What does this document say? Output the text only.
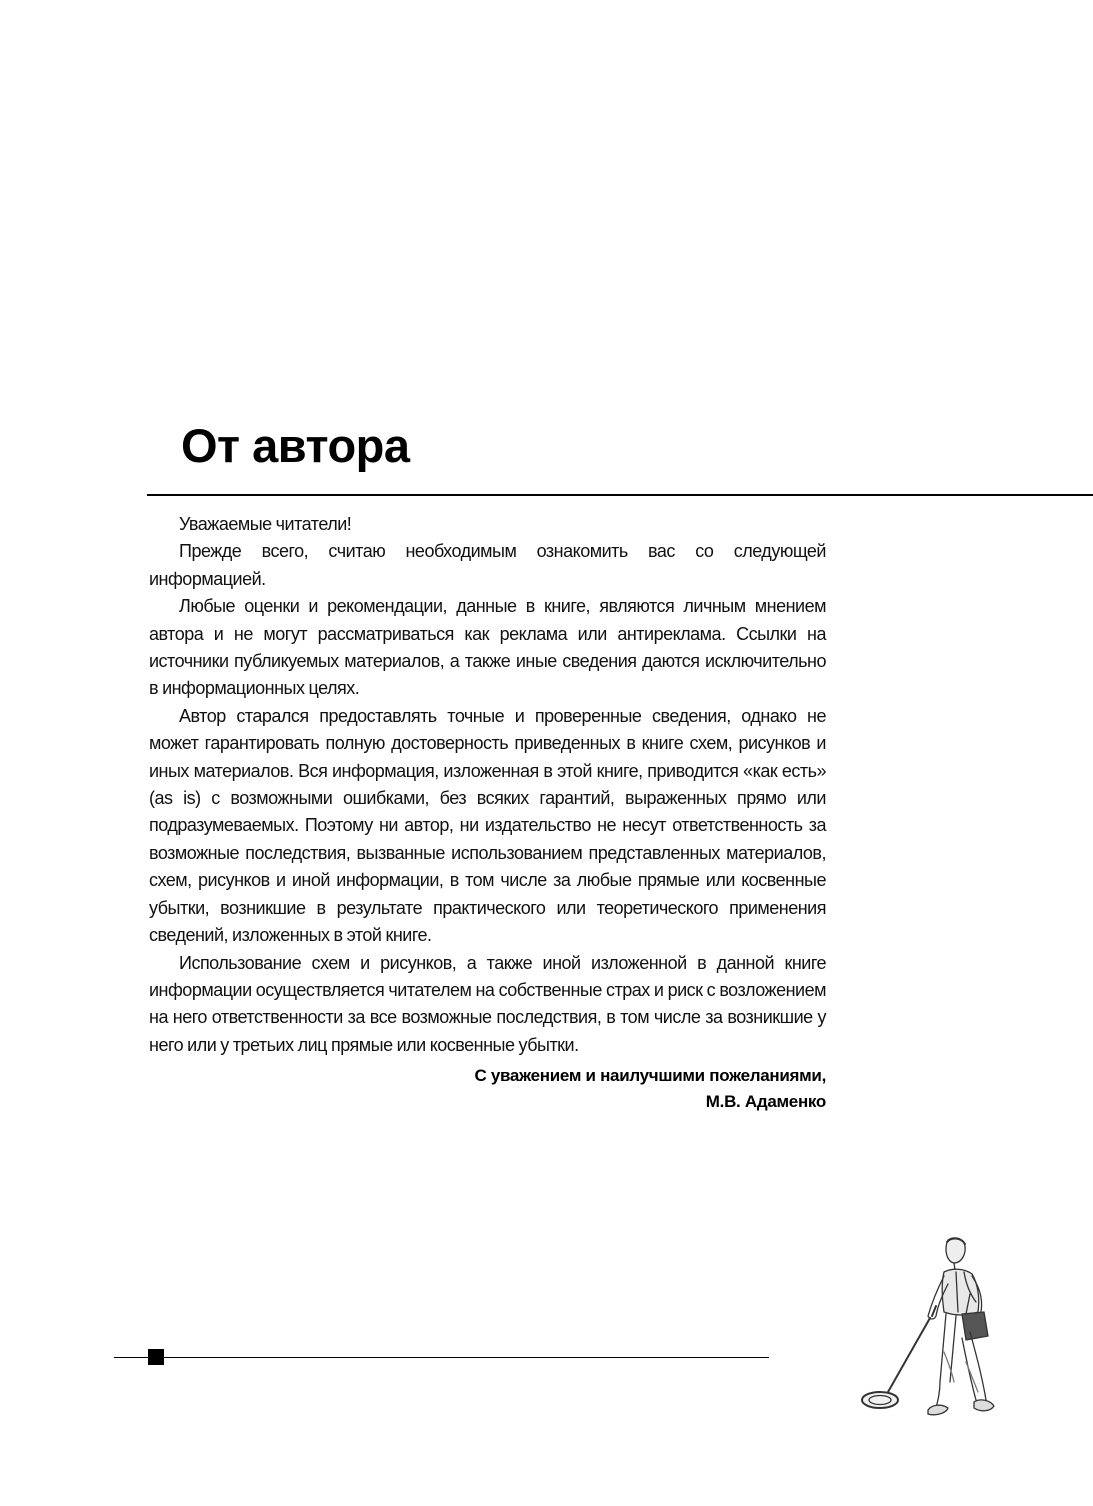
От автора

Уважаемые читатели!

Прежде всего, считаю необходимым ознакомить вас со следующей информацией.

Любые оценки и рекомендации, данные в книге, являются личным мнением автора и не могут рассматриваться как реклама или антиреклама. Ссылки на источники публикуемых материалов, а также иные сведения даются исключительно в информационных целях.

Автор старался предоставлять точные и проверенные сведения, однако не может гарантировать полную достоверность приведенных в книге схем, рисунков и иных материалов. Вся информация, изложенная в этой книге, приводится «как есть» (as is) с возможными ошибками, без всяких гарантий, выраженных прямо или подразумеваемых. Поэтому ни автор, ни издательство не несут ответственность за возможные последствия, вызванные использованием представленных материалов, схем, рисунков и иной информации, в том числе за любые прямые или косвенные убытки, возникшие в результате практического или теоретического применения сведений, изложенных в этой книге.

Использование схем и рисунков, а также иной изложенной в данной книге информации осуществляется читателем на собственные страх и риск с возложением на него ответственности за все возможные последствия, в том числе за возникшие у него или у третьих лиц прямые или косвенные убытки.

С уважением и наилучшими пожеланиями,
М.В. Адаменко
